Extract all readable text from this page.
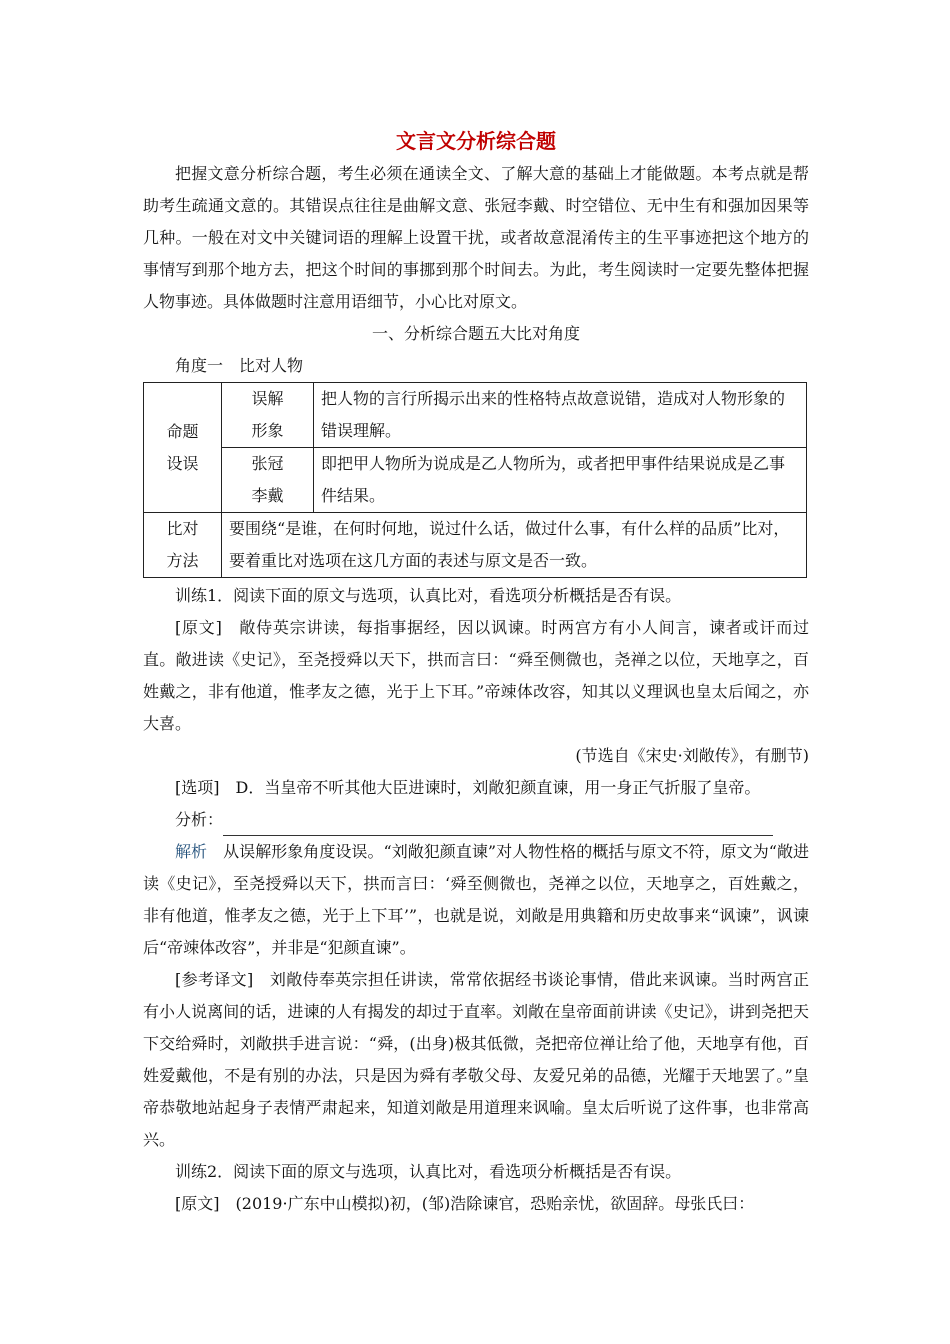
文言文分析综合题

把握文意分析综合题，考生必须在通读全文、了解大意的基础上才能做题。本考点就是帮助考生疏通文意的。其错误点往往是曲解文意、张冠李戴、时空错位、无中生有和强加因果等几种。一般在对文中关键词语的理解上设置干扰，或者故意混淆传主的生平事迹把这个地方的事情写到那个地方去，把这个时间的事挪到那个时间去。为此，考生阅读时一定要先整体把握人物事迹。具体做题时注意用语细节，小心比对原文。

一、分析综合题五大比对角度

角度一　比对人物

命题设误	误解形象	把人物的言行所揭示出来的性格特点故意说错，造成对人物形象的错误理解。
	张冠李戴	即把甲人物所为说成是乙人物所为，或者把甲事件结果说成是乙事件结果。
比对方法	要围绕“是谁，在何时何地，说过什么话，做过什么事，有什么样的品质”比对，要着重比对选项在这几方面的表述与原文是否一致。	

训练1．阅读下面的原文与选项，认真比对，看选项分析概括是否有误。

[原文]　 敞侍英宗讲读，每指事据经，因以讽谏。时两宫方有小人间言，谏者或讦而过直。敞进读《史记》，至尧授舜以天下，拱而言曰：“舜至侧微也，尧禅之以位，天地享之，百姓戴之，非有他道，惟孝友之德，光于上下耳。”帝竦体改容，知其以义理讽也皇太后闻之，亦大喜。

(节选自《宋史·刘敞传》，有删节)

[选项]　 D．当皇帝不听其他大臣进谏时，刘敞犯颜直谏，用一身正气折服了皇帝。

分析：

解析　 从误解形象角度设误。“刘敞犯颜直谏”对人物性格的概括与原文不符，原文为“敞进读《史记》，至尧授舜以天下，拱而言曰：‘舜至侧微也，尧禅之以位，天地享之，百姓戴之，非有他道，惟孝友之德，光于上下耳’”，也就是说，刘敞是用典籍和历史故事来“讽谏”，讽谏后“帝竦体改容”，并非是“犯颜直谏”。

[参考译文]　 刘敞侍奉英宗担任讲读，常常依据经书谈论事情，借此来讽谏。当时两宫正有小人说离间的话，进谏的人有揭发的却过于直率。刘敞在皇帝面前讲读《史记》，讲到尧把天下交给舜时，刘敞拱手进言说：“舜，(出身)极其低微，尧把帝位禅让给了他，天地享有他，百姓爱戴他，不是有别的办法，只是因为舜有孝敬父母、友爱兄弟的品德，光耀于天地罢了。”皇帝恭敬地站起身子表情严肃起来，知道刘敞是用道理来讽喻。皇太后听说了这件事，也非常高兴。

训练2．阅读下面的原文与选项，认真比对，看选项分析概括是否有误。

[原文]　 (2019·广东中山模拟)初，(邹)浩除谏官，恐贻亲忧，欲固辞。母张氏曰：
